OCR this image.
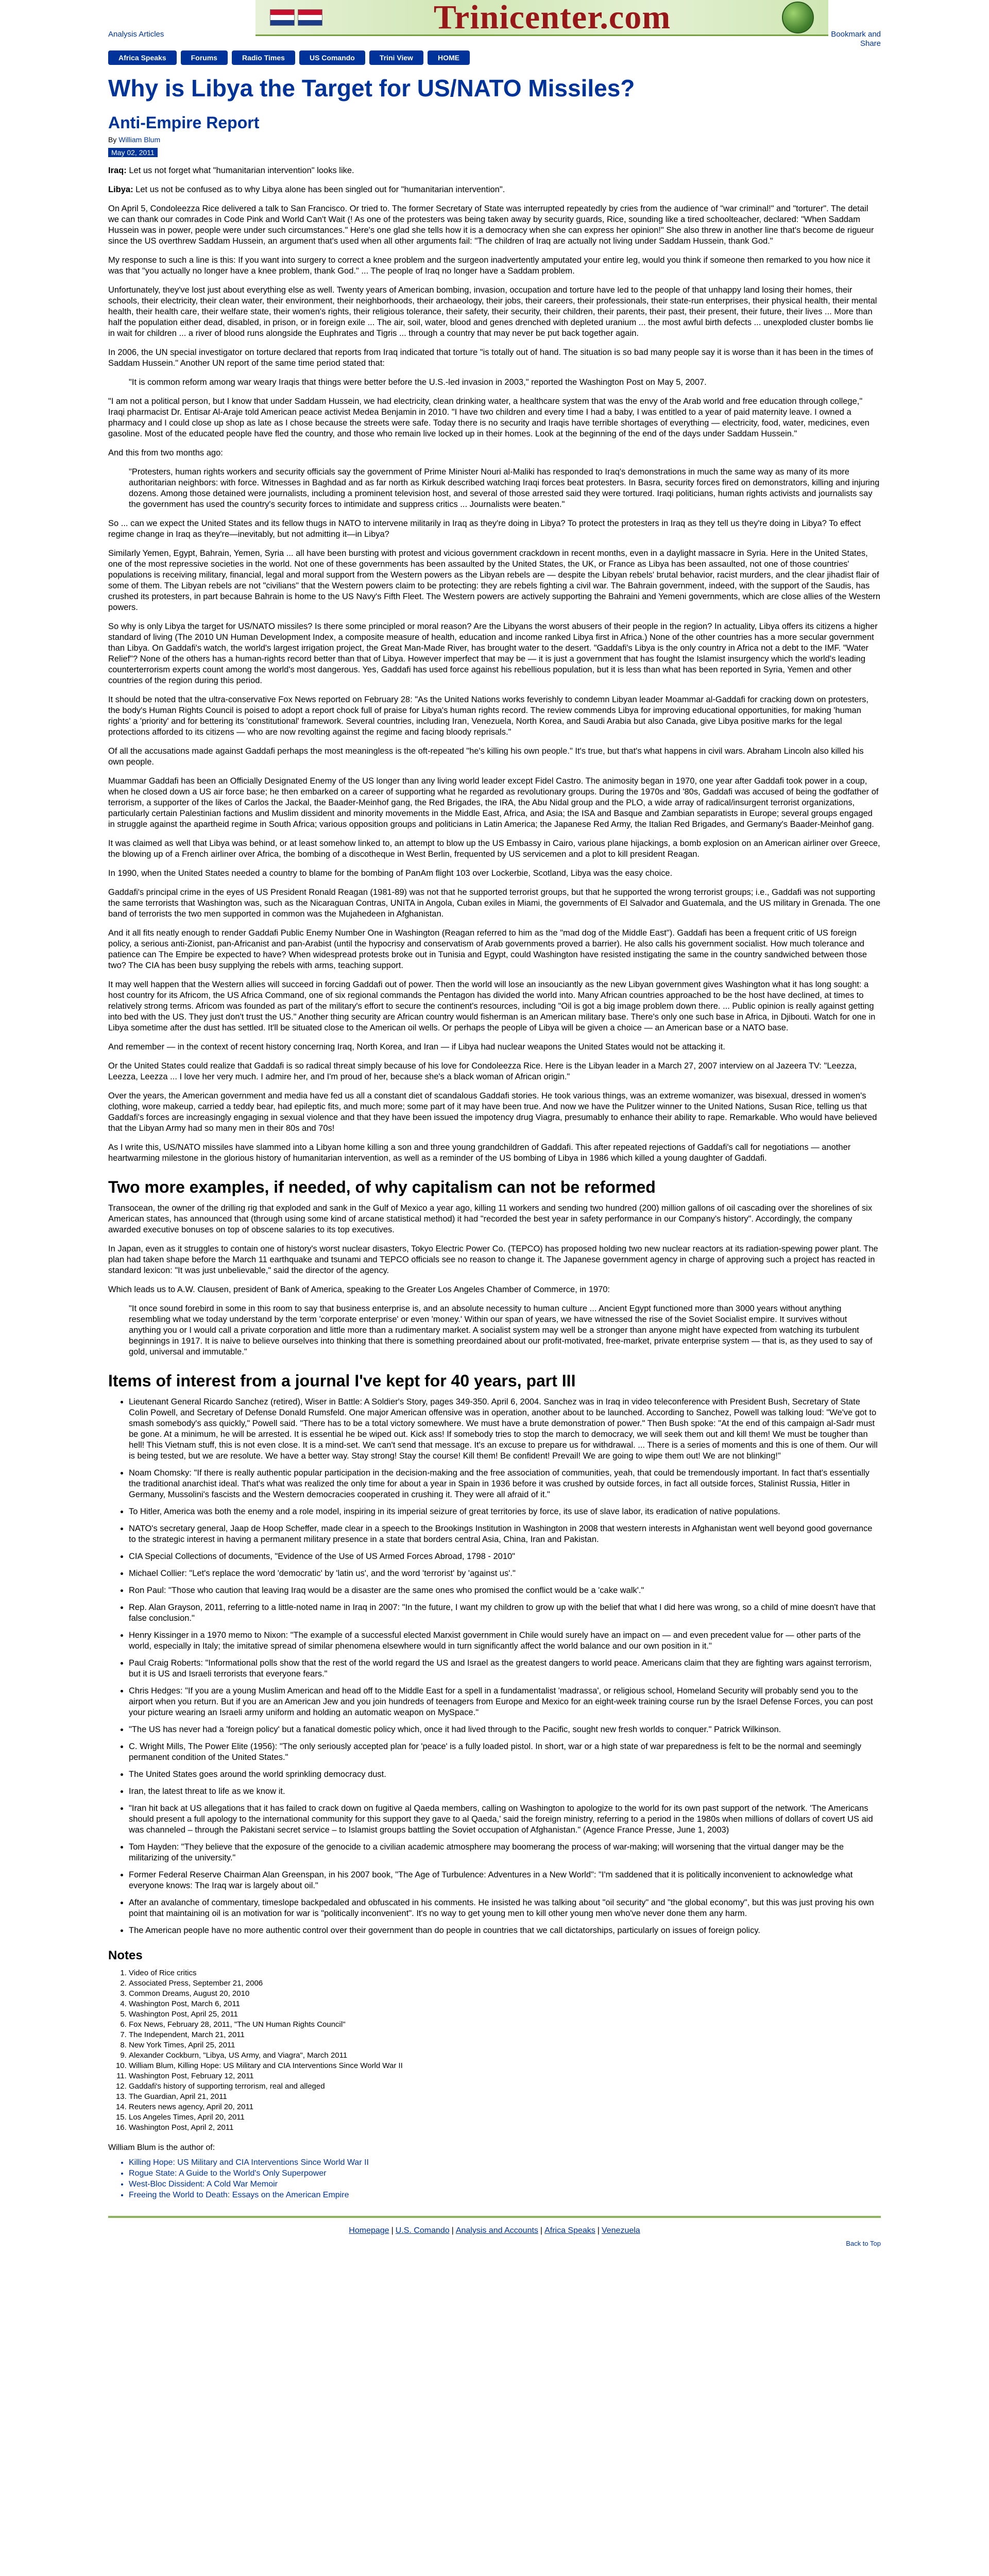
Trinicenter.com
Analysis Articles	Bookmark and
Share
Africa Speaks	Forums	Radio Times	US Comando	Trini View	HOME
Why is Libya the Target for US/NATO Missiles?
Anti-Empire Report
By William Blum
May 02, 2011

Iraq: Let us not forget what "humanitarian intervention" looks like.

Libya: Let us not be confused as to why Libya alone has been singled out for "humanitarian intervention".

On April 5, Condoleezza Rice delivered a talk to San Francisco. Or tried to. The former Secretary of State was interrupted repeatedly by cries from the audience of "war criminal!" and "torturer". The detail we can thank our comrades in Code Pink and World Can't Wait (! As one of the protesters was being taken away by security guards, Rice, sounding like a tired schoolteacher, declared: "When Saddam Hussein was in power, people were under such circumstances." Here's one glad she tells how it is a democracy when she can express her opinion!" She also threw in another line that's become de rigueur since the US overthrew Saddam Hussein, an argument that's used when all other arguments fail: "The children of Iraq are actually not living under Saddam Hussein, thank God."

My response to such a line is this: If you want into surgery to correct a knee problem and the surgeon inadvertently amputated your entire leg, would you think if someone then remarked to you how nice it was that "you actually no longer have a knee problem, thank God." ... The people of Iraq no longer have a Saddam problem.

Unfortunately, they've lost just about everything else as well. Twenty years of American bombing, invasion, occupation and torture have led to the people of that unhappy land losing their homes, their schools, their electricity, their clean water, their environment, their neighborhoods, their archaeology, their jobs, their careers, their professionals, their state-run enterprises, their physical health, their mental health, their health care, their welfare state, their women's rights, their religious tolerance, their safety, their security, their children, their parents, their past, their present, their future, their lives ... More than half the population either dead, disabled, in prison, or in foreign exile ... The air, soil, water, blood and genes drenched with depleted uranium ... the most awful birth defects ... unexploded cluster bombs lie in wait for children ... a river of blood runs alongside the Euphrates and Tigris ... through a country that may never be put back together again.

In 2006, the UN special investigator on torture declared that reports from Iraq indicated that torture "is totally out of hand. The situation is so bad many people say it is worse than it has been in the times of Saddam Hussein." Another UN report of the same time period stated that:

"It is common reform among war weary Iraqis that things were better before the U.S.-led invasion in 2003," reported the Washington Post on May 5, 2007.

"I am not a political person, but I know that under Saddam Hussein, we had electricity, clean drinking water, a healthcare system that was the envy of the Arab world and free education through college," Iraqi pharmacist Dr. Entisar Al-Araje told American peace activist Medea Benjamin in 2010. "I have two children and every time I had a baby, I was entitled to a year of paid maternity leave. I owned a pharmacy and I could close up shop as late as I chose because the streets were safe. Today there is no security and Iraqis have terrible shortages of everything — electricity, food, water, medicines, even gasoline. Most of the educated people have fled the country, and those who remain live locked up in their homes. Look at the beginning of the end of the days under Saddam Hussein."

And this from two months ago:

"Protesters, human rights workers and security officials say the government of Prime Minister Nouri al-Maliki has responded to Iraq's demonstrations in much the same way as many of its more authoritarian neighbors: with force. Witnesses in Baghdad and as far north as Kirkuk described watching Iraqi forces beat protesters. In Basra, security forces fired on demonstrators, killing and injuring dozens. Among those detained were journalists, including a prominent television host, and several of those arrested said they were tortured. Iraqi politicians, human rights activists and journalists say the government has used the country's security forces to intimidate and suppress critics ... Journalists were beaten."

So ... can we expect the United States and its fellow thugs in NATO to intervene militarily in Iraq as they're doing in Libya? To protect the protesters in Iraq as they tell us they're doing in Libya? To effect regime change in Iraq as they're—inevitably, but not admitting it—in Libya?

Similarly Yemen, Egypt, Bahrain, Yemen, Syria ... all have been bursting with protest and vicious government crackdown in recent months, even in a daylight massacre in Syria. Here in the United States, one of the most repressive societies in the world. Not one of these governments has been assaulted by the United States, the UK, or France as Libya has been assaulted, not one of those countries' populations is receiving military, financial, legal and moral support from the Western powers as the Libyan rebels are — despite the Libyan rebels' brutal behavior, racist murders, and the clear jihadist flair of some of them. The Libyan rebels are not "civilians" that the Western powers claim to be protecting: they are rebels fighting a civil war. The Bahrain government, indeed, with the support of the Saudis, has crushed its protesters, in part because Bahrain is home to the US Navy's Fifth Fleet. The Western powers are actively supporting the Bahraini and Yemeni governments, which are close allies of the Western powers.

So why is only Libya the target for US/NATO missiles? Is there some principled or moral reason? Are the Libyans the worst abusers of their people in the region? In actuality, Libya offers its citizens a higher standard of living (The 2010 UN Human Development Index, a composite measure of health, education and income ranked Libya first in Africa.) None of the other countries has a more secular government than Libya. On Gaddafi's watch, the world's largest irrigation project, the Great Man-Made River, has brought water to the desert. "Gaddafi's Libya is the only country in Africa not a debt to the IMF. "Water Relief"? None of the others has a human-rights record better than that of Libya. However imperfect that may be — it is just a government that has fought the Islamist insurgency which the world's leading counterterrorism experts count among the world's most dangerous. Yes, Gaddafi has used force against his rebellious population, but it is less than what has been reported in Syria, Yemen and other countries of the region during this period.

It should be noted that the ultra-conservative Fox News reported on February 28: "As the United Nations works feverishly to condemn Libyan leader Moammar al-Gaddafi for cracking down on protesters, the body's Human Rights Council is poised to adopt a report chock full of praise for Libya's human rights record. The review commends Libya for improving educational opportunities, for making 'human rights' a 'priority' and for bettering its 'constitutional' framework. Several countries, including Iran, Venezuela, North Korea, and Saudi Arabia but also Canada, give Libya positive marks for the legal protections afforded to its citizens — who are now revolting against the regime and facing bloody reprisals."

Of all the accusations made against Gaddafi perhaps the most meaningless is the oft-repeated "he's killing his own people." It's true, but that's what happens in civil wars. Abraham Lincoln also killed his own people.

Muammar Gaddafi has been an Officially Designated Enemy of the US longer than any living world leader except Fidel Castro. The animosity began in 1970, one year after Gaddafi took power in a coup, when he closed down a US air force base; he then embarked on a career of supporting what he regarded as revolutionary groups. During the 1970s and '80s, Gaddafi was accused of being the godfather of terrorism, a supporter of the likes of Carlos the Jackal, the Baader-Meinhof gang, the Red Brigades, the IRA, the Abu Nidal group and the PLO, a wide array of radical/insurgent terrorist organizations, particularly certain Palestinian factions and Muslim dissident and minority movements in the Middle East, Africa, and Asia; the ISA and Basque and Zambian separatists in Europe; several groups engaged in struggle against the apartheid regime in South Africa; various opposition groups and politicians in Latin America; the Japanese Red Army, the Italian Red Brigades, and Germany's Baader-Meinhof gang.

It was claimed as well that Libya was behind, or at least somehow linked to, an attempt to blow up the US Embassy in Cairo, various plane hijackings, a bomb explosion on an American airliner over Greece, the blowing up of a French airliner over Africa, the bombing of a discotheque in West Berlin, frequented by US servicemen and a plot to kill president Reagan.

In 1990, when the United States needed a country to blame for the bombing of PanAm flight 103 over Lockerbie, Scotland, Libya was the easy choice.

Gaddafi's principal crime in the eyes of US President Ronald Reagan (1981-89) was not that he supported terrorist groups, but that he supported the wrong terrorist groups; i.e., Gaddafi was not supporting the same terrorists that Washington was, such as the Nicaraguan Contras, UNITA in Angola, Cuban exiles in Miami, the governments of El Salvador and Guatemala, and the US military in Grenada. The one band of terrorists the two men supported in common was the Mujahedeen in Afghanistan.

And it all fits neatly enough to render Gaddafi Public Enemy Number One in Washington (Reagan referred to him as the "mad dog of the Middle East"). Gaddafi has been a frequent critic of US foreign policy, a serious anti-Zionist, pan-Africanist and pan-Arabist (until the hypocrisy and conservatism of Arab governments proved a barrier). He also calls his government socialist. How much tolerance and patience can The Empire be expected to have? When widespread protests broke out in Tunisia and Egypt, could Washington have resisted instigating the same in the country sandwiched between those two? The CIA has been busy supplying the rebels with arms, teaching support.

It may well happen that the Western allies will succeed in forcing Gaddafi out of power. Then the world will lose an insouciantly as the new Libyan government gives Washington what it has long sought: a host country for its Africom, the US Africa Command, one of six regional commands the Pentagon has divided the world into. Many African countries approached to be the host have declined, at times to relatively strong terms. Africom was founded as part of the military's effort to secure the continent's resources, including "Oil is got a big image problem down there. ... Public opinion is really against getting into bed with the US. They just don't trust the US." Another thing security are African country would fisherman is an American military base. There's only one such base in Africa, in Djibouti. Watch for one in Libya sometime after the dust has settled. It'll be situated close to the American oil wells. Or perhaps the people of Libya will be given a choice — an American base or a NATO base.

And remember — in the context of recent history concerning Iraq, North Korea, and Iran — if Libya had nuclear weapons the United States would not be attacking it.

Or the United States could realize that Gaddafi is so radical threat simply because of his love for Condoleezza Rice. Here is the Libyan leader in a March 27, 2007 interview on al Jazeera TV: "Leezza, Leezza, Leezza ... I love her very much. I admire her, and I'm proud of her, because she's a black woman of African origin."

Over the years, the American government and media have fed us all a constant diet of scandalous Gaddafi stories. He took various things, was an extreme womanizer, was bisexual, dressed in women's clothing, wore makeup, carried a teddy bear, had epileptic fits, and much more; some part of it may have been true. And now we have the Pulitzer winner to the United Nations, Susan Rice, telling us that Gaddafi's forces are increasingly engaging in sexual violence and that they have been issued the impotency drug Viagra, presumably to enhance their ability to rape. Remarkable. Who would have believed that the Libyan Army had so many men in their 80s and 70s!

As I write this, US/NATO missiles have slammed into a Libyan home killing a son and three young grandchildren of Gaddafi. This after repeated rejections of Gaddafi's call for negotiations — another heartwarming milestone in the glorious history of humanitarian intervention, as well as a reminder of the US bombing of Libya in 1986 which killed a young daughter of Gaddafi.

Two more examples, if needed, of why capitalism can not be reformed

Transocean, the owner of the drilling rig that exploded and sank in the Gulf of Mexico a year ago, killing 11 workers and sending two hundred (200) million gallons of oil cascading over the shorelines of six American states, has announced that (through using some kind of arcane statistical method) it had "recorded the best year in safety performance in our Company's history". Accordingly, the company awarded executive bonuses on top of obscene salaries to its top executives.

In Japan, even as it struggles to contain one of history's worst nuclear disasters, Tokyo Electric Power Co. (TEPCO) has proposed holding two new nuclear reactors at its radiation-spewing power plant. The plan had taken shape before the March 11 earthquake and tsunami and TEPCO officials see no reason to change it. The Japanese government agency in charge of approving such a project has reacted in standard lexicon: "It was just unbelievable," said the director of the agency.

Which leads us to A.W. Clausen, president of Bank of America, speaking to the Greater Los Angeles Chamber of Commerce, in 1970:

"It once sound forebird in some in this room to say that business enterprise is, and an absolute necessity to human culture ... Ancient Egypt functioned more than 3000 years without anything resembling what we today understand by the term 'corporate enterprise' or even 'money.' Within our span of years, we have witnessed the rise of the Soviet Socialist empire. It survives without anything you or I would call a private corporation and little more than a rudimentary market. A socialist system may well be a stronger than anyone might have expected from watching its turbulent beginnings in 1917. It is naive to believe ourselves into thinking that there is something preordained about our profit-motivated, free-market, private enterprise system — that is, as they used to say of gold, universal and immutable."
Items of interest from a journal I've kept for 40 years, part III
• Lieutenant General Ricardo Sanchez (retired), Wiser in Battle: A Soldier's Story, pages 349-350. April 6, 2004. Sanchez was in Iraq in video teleconference with President Bush, Secretary of State Colin Powell, and Secretary of Defense Donald Rumsfeld. One major American offensive was in operation, another about to be launched. According to Sanchez, Powell was talking loud: "We've got to smash somebody's ass quickly," Powell said. "There has to be a total victory somewhere. We must have a brute demonstration of power." Then Bush spoke: "At the end of this campaign al-Sadr must be gone. At a minimum, he will be arrested. It is essential he be wiped out. Kick ass! If somebody tries to stop the march to democracy, we will seek them out and kill them! We must be tougher than hell! This Vietnam stuff, this is not even close. It is a mind-set. We can't send that message. It's an excuse to prepare us for withdrawal. ... There is a series of moments and this is one of them. Our will is being tested, but we are resolute. We have a better way. Stay strong! Stay the course! Kill them! Be confident! Prevail! We are going to wipe them out! We are not blinking!"
• Noam Chomsky: "If there is really authentic popular participation in the decision-making and the free association of communities, yeah, that could be tremendously important. In fact that's essentially the traditional anarchist ideal. That's what was realized the only time for about a year in Spain in 1936 before it was crushed by outside forces, in fact all outside forces, Stalinist Russia, Hitler in Germany, Mussolini's fascists and the Western democracies cooperated in crushing it. They were all afraid of it."
• To Hitler, America was both the enemy and a role model, inspiring in its imperial seizure of great territories by force, its use of slave labor, its eradication of native populations.
• NATO's secretary general, Jaap de Hoop Scheffer, made clear in a speech to the Brookings Institution in Washington in 2008 that western interests in Afghanistan went well beyond good governance to the strategic interest in having a permanent military presence in a state that borders central Asia, China, Iran and Pakistan.
• CIA Special Collections of documents, "Evidence of the Use of US Armed Forces Abroad, 1798 - 2010"
• Michael Collier: "Let's replace the word 'democratic' by 'latin us', and the word 'terrorist' by 'against us'."
• Ron Paul: "Those who caution that leaving Iraq would be a disaster are the same ones who promised the conflict would be a 'cake walk'."
• Rep. Alan Grayson, 2011, referring to a little-noted name in Iraq in 2007: "In the future, I want my children to grow up with the belief that what I did here was wrong, so a child of mine doesn't have that false conclusion."
• Henry Kissinger in a 1970 memo to Nixon: "The example of a successful elected Marxist government in Chile would surely have an impact on — and even precedent value for — other parts of the world, especially in Italy; the imitative spread of similar phenomena elsewhere would in turn significantly affect the world balance and our own position in it."
• Paul Craig Roberts: "Informational polls show that the rest of the world regard the US and Israel as the greatest dangers to world peace. Americans claim that they are fighting wars against terrorism, but it is US and Israeli terrorists that everyone fears."
• Chris Hedges: "If you are a young Muslim American and head off to the Middle East for a spell in a fundamentalist 'madrassa', or religious school, Homeland Security will probably send you to the airport when you return. But if you are an American Jew and you join hundreds of teenagers from Europe and Mexico for an eight-week training course run by the Israel Defense Forces, you can post your picture wearing an Israeli army uniform and holding an automatic weapon on MySpace."
• "The US has never had a 'foreign policy' but a fanatical domestic policy which, once it had lived through to the Pacific, sought new fresh worlds to conquer." Patrick Wilkinson.
• C. Wright Mills, The Power Elite (1956): "The only seriously accepted plan for 'peace' is a fully loaded pistol. In short, war or a high state of war preparedness is felt to be the normal and seemingly permanent condition of the United States."
• The United States goes around the world sprinkling democracy dust.
• Iran, the latest threat to life as we know it.
• "Iran hit back at US allegations that it has failed to crack down on fugitive al Qaeda members, calling on Washington to apologize to the world for its own past support of the network. 'The Americans should present a full apology to the international community for this support they gave to al Qaeda,' said the foreign ministry, referring to a period in the 1980s when millions of dollars of covert US aid was channeled – through the Pakistani secret service – to Islamist groups battling the Soviet occupation of Afghanistan." (Agence France Presse, June 1, 2003)
• Tom Hayden: "They believe that the exposure of the genocide to a civilian academic atmosphere may boomerang the process of war-making; will worsening that the virtual danger may be the militarizing of the university."
• Former Federal Reserve Chairman Alan Greenspan, in his 2007 book, "The Age of Turbulence: Adventures in a New World": "I'm saddened that it is politically inconvenient to acknowledge what everyone knows: The Iraq war is largely about oil."
• After an avalanche of commentary, timeslope backpedaled and obfuscated in his comments. He insisted he was talking about "oil security" and "the global economy", but this was just proving his own point that maintaining oil is an motivation for war is "politically inconvenient". It's no way to get young men to kill other young men who've never done them any harm.
• The American people have no more authentic control over their government than do people in countries that we call dictatorships, particularly on issues of foreign policy.
Notes
1. Video of Rice critics
2. Associated Press, September 21, 2006
3. Common Dreams, August 20, 2010
4. Washington Post, March 6, 2011
5. Washington Post, April 25, 2011
6. Fox News, February 28, 2011, "The UN Human Rights Council"
7. The Independent, March 21, 2011
8. New York Times, April 25, 2011
9. Alexander Cockburn, "Libya, US Army, and Viagra", March 2011
10. William Blum, Killing Hope: US Military and CIA Interventions Since World War II
11. Washington Post, February 12, 2011
12. Gaddafi's history of supporting terrorism, real and alleged
13. The Guardian, April 21, 2011
14. Reuters news agency, April 20, 2011
15. Los Angeles Times, April 20, 2011
16. Washington Post, April 2, 2011
William Blum is the author of:
• Killing Hope: US Military and CIA Interventions Since World War II
• Rogue State: A Guide to the World's Only Superpower
• West-Bloc Dissident: A Cold War Memoir
• Freeing the World to Death: Essays on the American Empire
Homepage | U.S. Comando | Analysis and Accounts | Africa Speaks | Venezuela
Back to Top
